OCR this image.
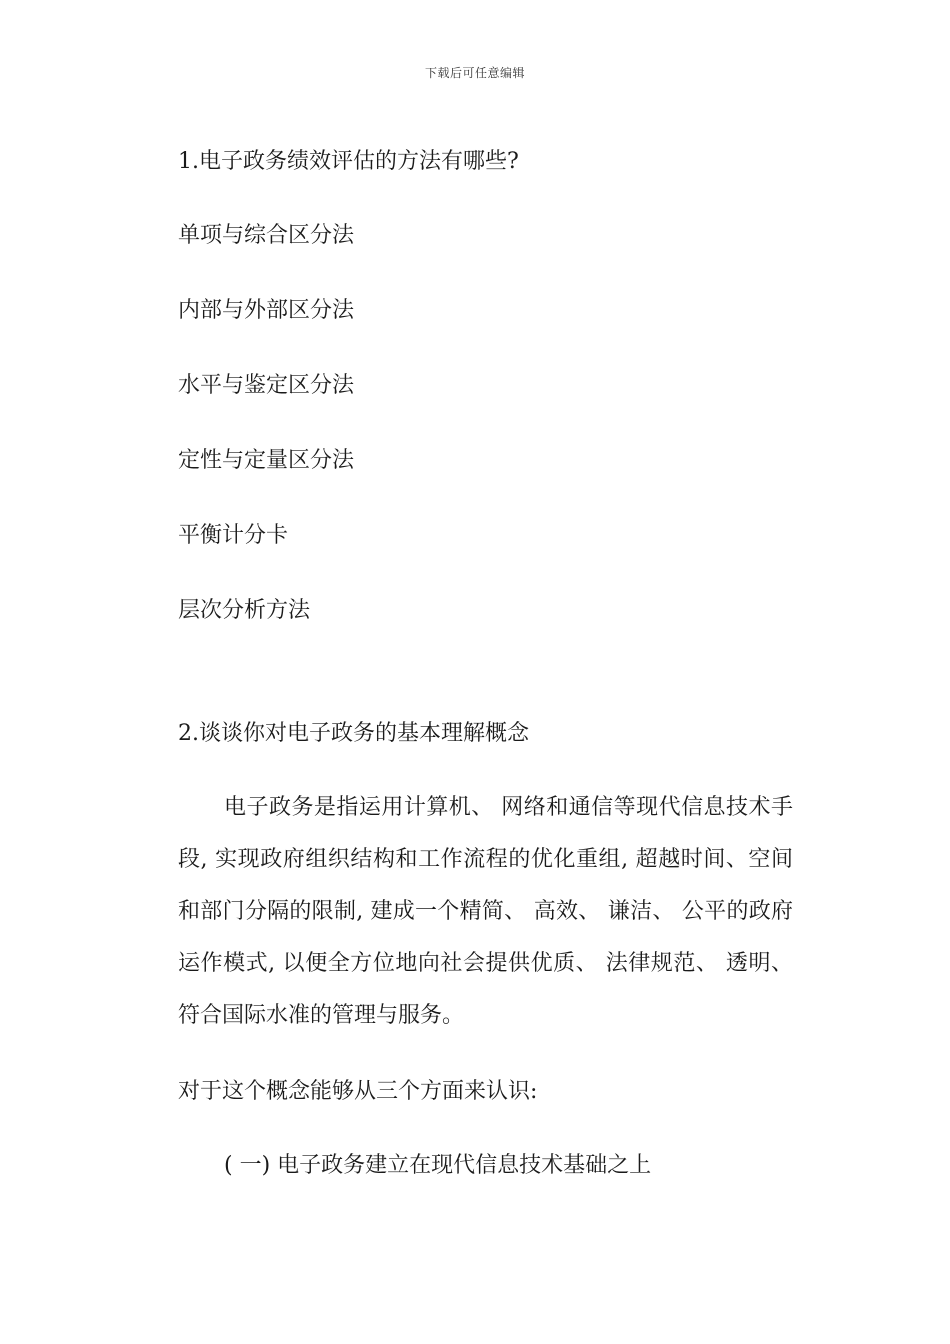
下载后可任意编辑
1.电子政务绩效评估的方法有哪些?
单项与综合区分法
内部与外部区分法
水平与鉴定区分法
定性与定量区分法
平衡计分卡
层次分析方法
2.谈谈你对电子政务的基本理解概念
电子政务是指运用计算机、 网络和通信等现代信息技术手段, 实现政府组织结构和工作流程的优化重组, 超越时间、空间和部门分隔的限制, 建成一个精简、 高效、 谦洁、 公平的政府运作模式, 以便全方位地向社会提供优质、 法律规范、 透明、 符合国际水准的管理与服务。
对于这个概念能够从三个方面来认识:
( 一) 电子政务建立在现代信息技术基础之上
